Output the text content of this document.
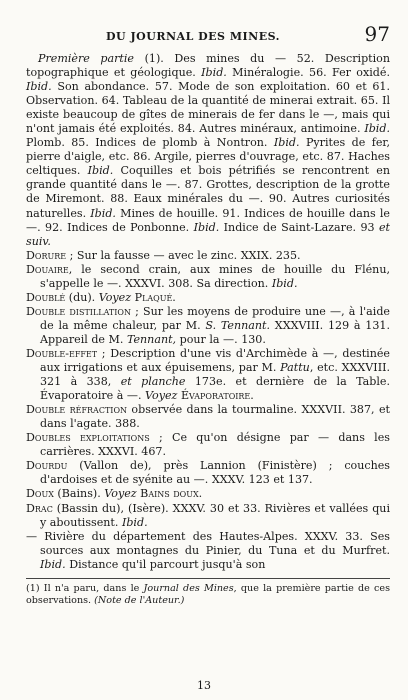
DU JOURNAL DES MINES.	97

Première partie (1). Des mines du — 52. Description topographique et géologique. Ibid. Minéralogie. 56. Fer oxidé. Ibid. Son abondance. 57. Mode de son exploitation. 60 et 61. Observation. 64. Tableau de la quantité de minerai extrait. 65. Il existe beaucoup de gîtes de minerais de fer dans le —, mais qui n'ont jamais été exploités. 84. Autres minéraux, antimoine. Ibid. Plomb. 85. Indices de plomb à Nontron. Ibid. Pyrites de fer, pierre d'aigle, etc. 86. Argile, pierres d'ouvrage, etc. 87. Haches celtiques. Ibid. Coquilles et bois pétrifiés se rencontrent en grande quantité dans le —. 87. Grottes, description de la grotte de Miremont. 88. Eaux minérales du —. 90. Autres curiosités naturelles. Ibid. Mines de houille. 91. Indices de houille dans le —. 92. Indices de Ponbonne. Ibid. Indice de Saint-Lazare. 93 et suiv.

Dorure ; Sur la fausse — avec le zinc. XXIX. 235.

Douaire, le second crain, aux mines de houille du Flénu, s'appelle le —. XXXVI. 308. Sa direction. Ibid.

Doublé (du). Voyez Plaqué.

Double distillation ; Sur les moyens de produire une —, à l'aide de la même chaleur, par M. S. Tennant. XXXVIII. 129 à 131. Appareil de M. Tennant, pour la —. 130.

Double-effet ; Description d'une vis d'Archimède à —, destinée aux irrigations et aux épuisemens, par M. Pattu, etc. XXXVIII. 321 à 338, et planche 173e. et dernière de la Table. Évaporatoire à —. Voyez Évaporatoire.

Double réfraction observée dans la tourmaline. XXXVII. 387, et dans l'agate. 388.

Doubles exploitations ; Ce qu'on désigne par — dans les carrières. XXXVI. 467.

Dourdu (Vallon de), près Lannion (Finistère) ; couches d'ardoises et de syénite au —. XXXV. 123 et 137.

Doux (Bains). Voyez Bains doux.

Drac (Bassin du), (Isère). XXXV. 30 et 33. Rivières et vallées qui y aboutissent. Ibid.

— Rivière du département des Hautes-Alpes. XXXV. 33. Ses sources aux montagnes du Pinier, du Tuna et du Murfret. Ibid. Distance qu'il parcourt jusqu'à son

(1) Il n'a paru, dans le Journal des Mines, que la première partie de ces observations. (Note de l'Auteur.)
13
